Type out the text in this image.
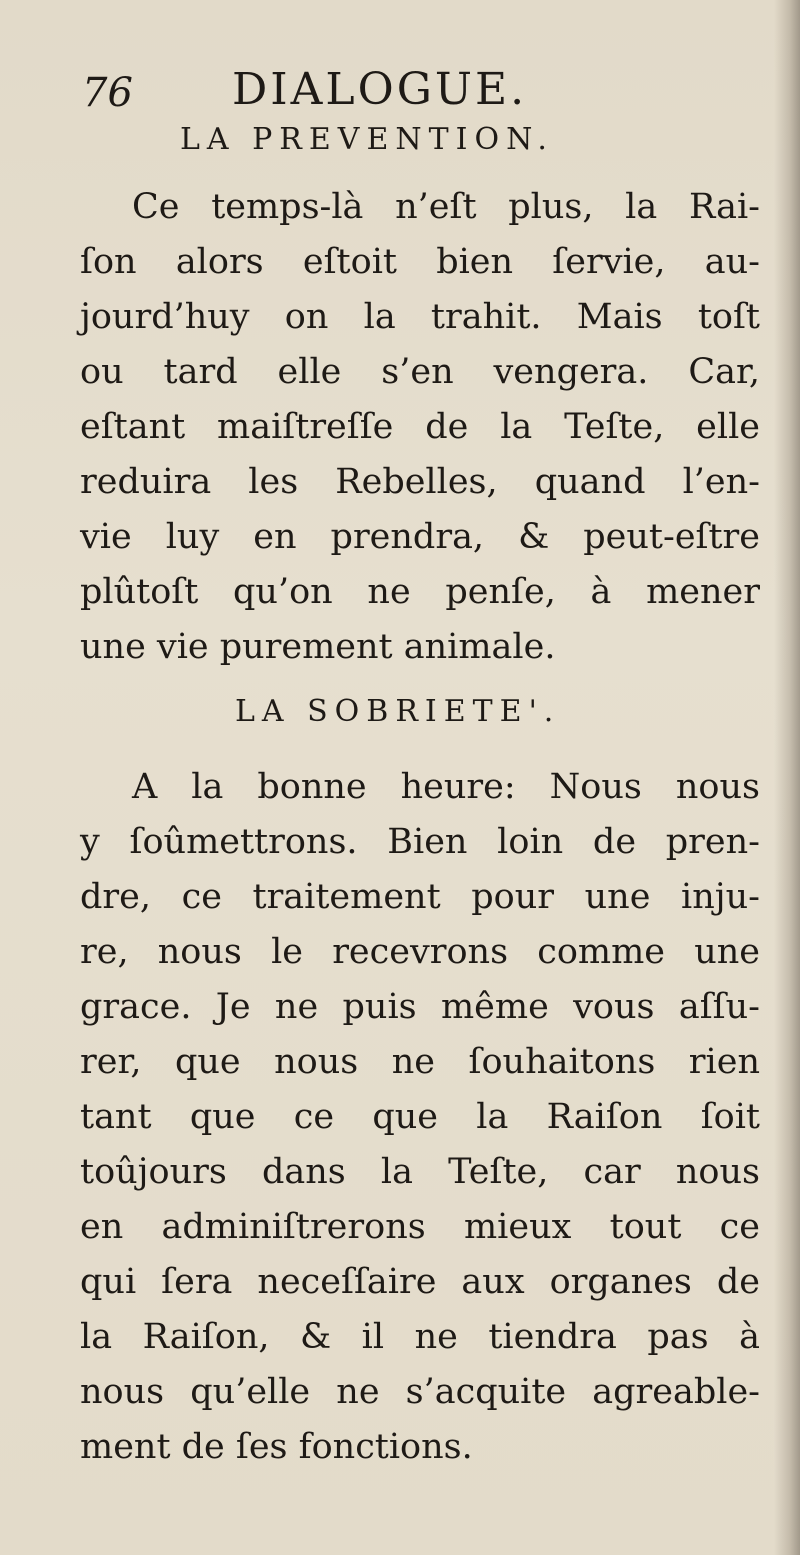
76 DIALOGUE.
LA PREVENTION.
Ce temps-là n’eſt plus, la Rai-
ſon alors eſtoit bien ſervie, au-
jourd’huy on la trahit. Mais toſt
ou tard elle s’en vengera. Car,
eſtant maiſtreſſe de la Teſte, elle
reduira les Rebelles, quand l’en-
vie luy en prendra, & peut-eſtre
plûtoſt qu’on ne penſe, à mener
une vie purement animale.
LA SOBRIETE'.
A la bonne heure: Nous nous
y ſoûmettrons. Bien loin de pren-
dre, ce traitement pour une inju-
re, nous le recevrons comme une
grace. Je ne puis même vous aſſu-
rer, que nous ne ſouhaitons rien
tant que ce que la Raiſon ſoit
toûjours dans la Teſte, car nous
en adminiſtrerons mieux tout ce
qui ſera neceſſaire aux organes de
la Raiſon, & il ne tiendra pas à
nous qu’elle ne s’acquite agreable-
ment de ſes fonctions.
